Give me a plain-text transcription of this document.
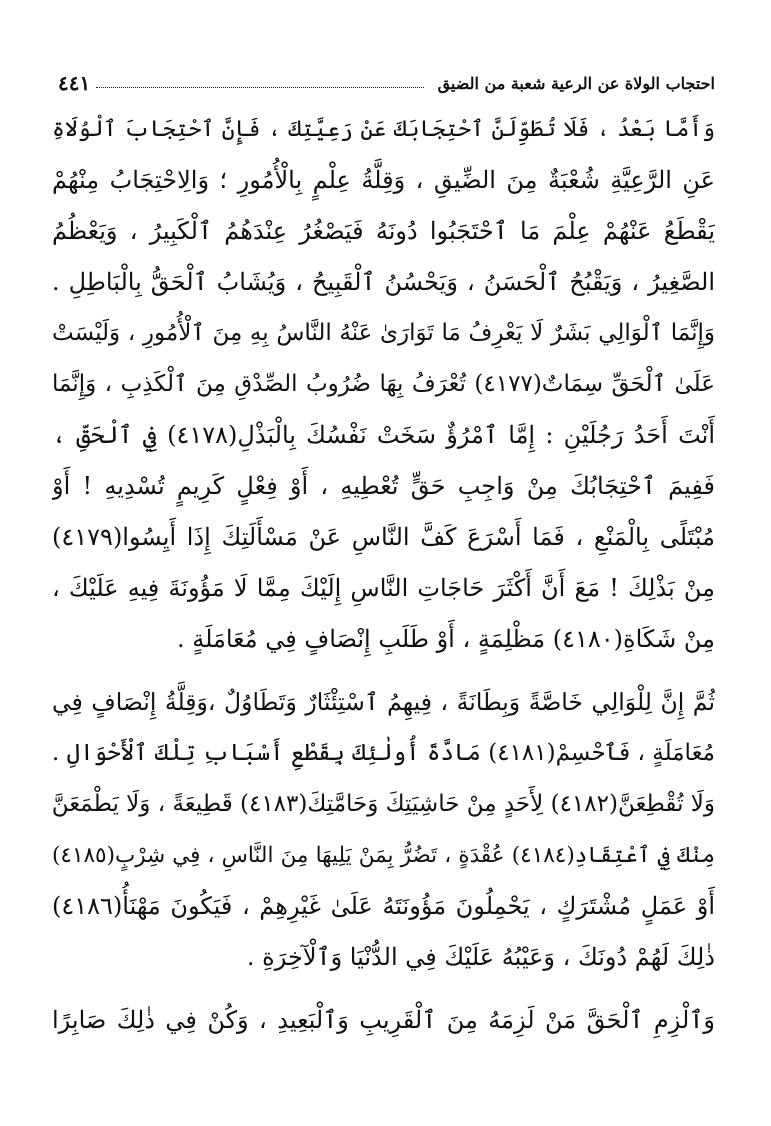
احتجاب الولاة عن الرعية شعبة من الضيق
٤٤١
وَأَمَّا بَعْدُ ، فَلَا تُطَوِّلَنَّ ٱحْتِجَابَكَ عَنْ رَعِيَّتِكَ ، فَإِنَّ ٱحْتِجَابَ ٱلْوُلَاةِ
عَنِ الرَّعِيَّةِ شُعْبَةٌ مِنَ الضِّيقِ ، وَقِلَّةُ عِلْمٍ بِالْأُمُورِ ؛ وَالِاحْتِجَابُ مِنْهُمْ
يَقْطَعُ عَنْهُمْ عِلْمَ مَا ٱحْتَجَبُوا دُونَهُ فَيَصْغُرُ عِنْدَهُمُ ٱلْكَبِيرُ ، وَيَعْظُمُ
الصَّغِيرُ ، وَيَقْبُحُ ٱلْحَسَنُ ، وَيَحْسُنُ ٱلْقَبِيحُ ، وَيُشَابُ ٱلْحَقُّ بِالْبَاطِلِ .
وَإِنَّمَا ٱلْوَالِي بَشَرٌ لَا يَعْرِفُ مَا تَوَارَىٰ عَنْهُ النَّاسُ بِهِ مِنَ ٱلْأُمُورِ ، وَلَيْسَتْ
عَلَىٰ ٱلْحَقِّ سِمَاتٌ(٤١٧٧) تُعْرَفُ بِهَا ضُرُوبُ الصِّدْقِ مِنَ ٱلْكَذِبِ ، وَإِنَّمَا
أَنْتَ أَحَدُ رَجُلَيْنِ : إِمَّا ٱمْرُؤٌ سَخَتْ نَفْسُكَ بِالْبَذْلِ(٤١٧٨) فِي ٱلْحَقِّ ،
فَفِيمَ ٱحْتِجَابُكَ مِنْ وَاجِبِ حَقٍّ تُعْطِيهِ ، أَوْ فِعْلٍ كَرِيمٍ تُسْدِيهِ ! أَوْ
مُبْتَلًى بِالْمَنْعِ ، فَمَا أَسْرَعَ كَفَّ النَّاسِ عَنْ مَسْأَلَتِكَ إِذَا أَيِسُوا(٤١٧٩)
مِنْ بَذْلِكَ ! مَعَ أَنَّ أَكْثَرَ حَاجَاتِ النَّاسِ إِلَيْكَ مِمَّا لَا مَؤُونَةَ فِيهِ عَلَيْكَ ،
مِنْ شَكَاةِ(٤١٨٠) مَظْلِمَةٍ ، أَوْ طَلَبِ إِنْصَافٍ فِي مُعَامَلَةٍ .
ثُمَّ إِنَّ لِلْوَالِي خَاصَّةً وَبِطَانَةً ، فِيهِمُ ٱسْتِئْثَارٌ وَتَطَاوُلٌ ،وَقِلَّةُ إِنْصَافٍ فِي
مُعَامَلَةٍ ، فَٱحْسِمْ(٤١٨١) مَادَّةَ أُولٰئِكَ بِقَطْعِ أَسْبَابِ تِلْكَ ٱلْأَحْوَالِ .
وَلَا تُقْطِعَنَّ(٤١٨٢) لِأَحَدٍ مِنْ حَاشِيَتِكَ وَحَامَّتِكَ(٤١٨٣) قَطِيعَةً ، وَلَا يَطْمَعَنَّ
مِنْكَ فِي ٱعْتِقَادِ(٤١٨٤) عُقْدَةٍ ، تَضُرُّ بِمَنْ يَلِيهَا مِنَ النَّاسِ ، فِي شِرْبٍ(٤١٨٥)
أَوْ عَمَلٍ مُشْتَرَكٍ ، يَحْمِلُونَ مَؤُونَتَهُ عَلَىٰ غَيْرِهِمْ ، فَيَكُونَ مَهْنَأُ(٤١٨٦)
ذٰلِكَ لَهُمْ دُونَكَ ، وَعَيْبُهُ عَلَيْكَ فِي الدُّنْيَا وَٱلْآخِرَةِ .
وَٱلْزِمِ ٱلْحَقَّ مَنْ لَزِمَهُ مِنَ ٱلْقَرِيبِ وَٱلْبَعِيدِ ، وَكُنْ فِي ذٰلِكَ صَابِرًا
